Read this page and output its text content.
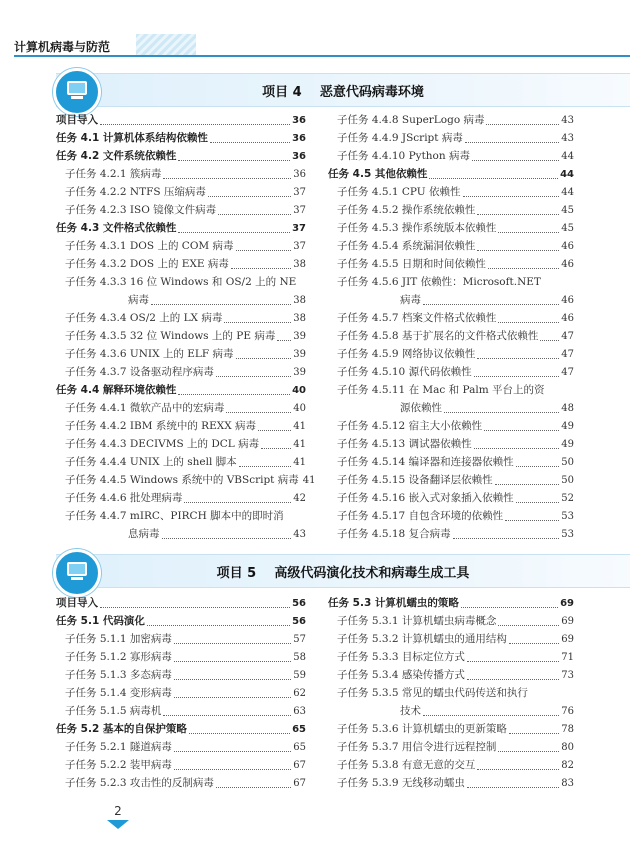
计算机病毒与防范
项目 4    恶意代码病毒环境
项目导入	36
任务 4.1 计算机体系结构依赖性	36
任务 4.2 文件系统依赖性	36
子任务 4.2.1 簇病毒	36
子任务 4.2.2 NTFS 压缩病毒	37
子任务 4.2.3 ISO 镜像文件病毒	37
任务 4.3 文件格式依赖性	37
子任务 4.3.1 DOS 上的 COM 病毒	37
子任务 4.3.2 DOS 上的 EXE 病毒	38
子任务 4.3.3 16 位 Windows 和 OS/2 上的 NE
病毒	38
子任务 4.3.4 OS/2 上的 LX 病毒	38
子任务 4.3.5 32 位 Windows 上的 PE 病毒 39
子任务 4.3.6 UNIX 上的 ELF 病毒	39
子任务 4.3.7 设备驱动程序病毒	39
任务 4.4 解释环境依赖性	40
子任务 4.4.1 微软产品中的宏病毒	40
子任务 4.4.2 IBM 系统中的 REXX 病毒	41
子任务 4.4.3 DECIVMS 上的 DCL 病毒	41
子任务 4.4.4 UNIX 上的 shell 脚本	41
子任务 4.4.5 Windows 系统中的 VBScript 病毒 41
子任务 4.4.6 批处理病毒	42
子任务 4.4.7 mIRC、PIRCH 脚本中的即时消
息病毒	43
子任务 4.4.8 SuperLogo 病毒	43
子任务 4.4.9 JScript 病毒	43
子任务 4.4.10 Python 病毒	44
任务 4.5 其他依赖性	44
子任务 4.5.1 CPU 依赖性	44
子任务 4.5.2 操作系统依赖性	45
子任务 4.5.3 操作系统版本依赖性	45
子任务 4.5.4 系统漏洞依赖性	46
子任务 4.5.5 日期和时间依赖性	46
子任务 4.5.6 JIT 依赖性：Microsoft.NET
病毒	46
子任务 4.5.7 档案文件格式依赖性	46
子任务 4.5.8 基于扩展名的文件格式依赖性 47
子任务 4.5.9 网络协议依赖性	47
子任务 4.5.10 源代码依赖性	47
子任务 4.5.11 在 Mac 和 Palm 平台上的资
源依赖性	48
子任务 4.5.12 宿主大小依赖性	49
子任务 4.5.13 调试器依赖性	49
子任务 4.5.14 编译器和连接器依赖性	50
子任务 4.5.15 设备翻译层依赖性	50
子任务 4.5.16 嵌入式对象插入依赖性	52
子任务 4.5.17 自包含环境的依赖性	53
子任务 4.5.18 复合病毒	53
项目 5    高级代码演化技术和病毒生成工具
项目导入	56
任务 5.1 代码演化	56
子任务 5.1.1 加密病毒	57
子任务 5.1.2 寡形病毒	58
子任务 5.1.3 多态病毒	59
子任务 5.1.4 变形病毒	62
子任务 5.1.5 病毒机	63
任务 5.2 基本的自保护策略	65
子任务 5.2.1 隧道病毒	65
子任务 5.2.2 装甲病毒	67
子任务 5.2.3 攻击性的反制病毒	67
任务 5.3 计算机蠕虫的策略	69
子任务 5.3.1 计算机蠕虫病毒概念	69
子任务 5.3.2 计算机蠕虫的通用结构	69
子任务 5.3.3 目标定位方式	71
子任务 5.3.4 感染传播方式	73
子任务 5.3.5 常见的蠕虫代码传送和执行
技术	76
子任务 5.3.6 计算机蠕虫的更新策略	78
子任务 5.3.7 用信令进行远程控制	80
子任务 5.3.8 有意无意的交互	82
子任务 5.3.9 无线移动蠕虫	83
2
